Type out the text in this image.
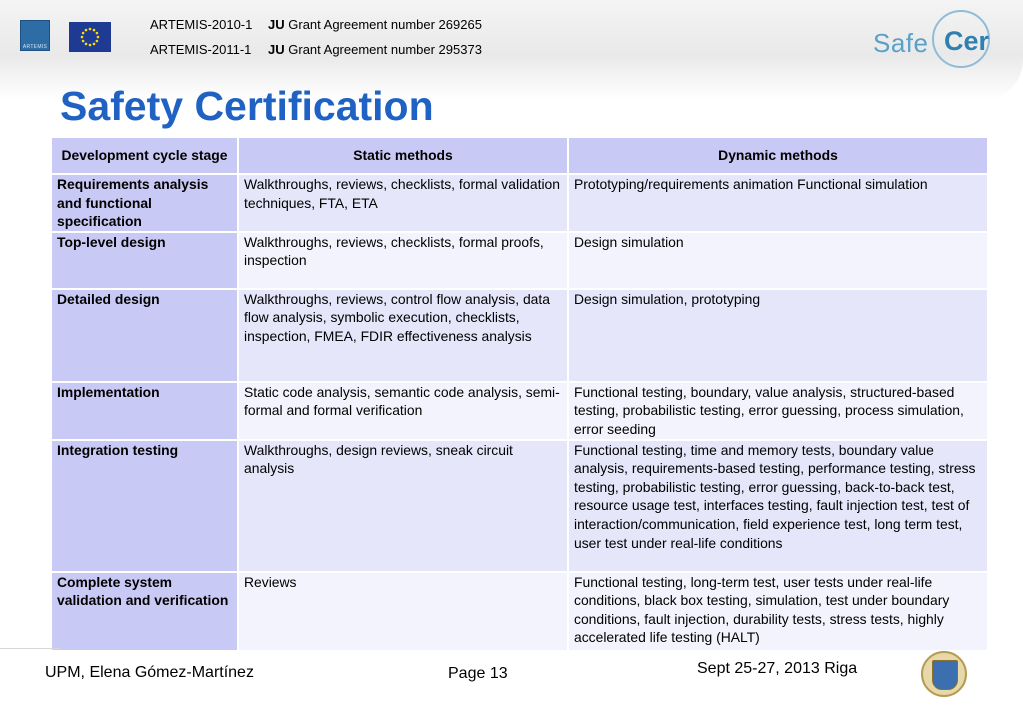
ARTEMIS
ARTEMIS-2010-1 JU Grant Agreement number 269265
ARTEMIS-2011-1 JU Grant Agreement number 295373	Safe Cer
Safety Certification
Development cycle stage	Static methods	Dynamic methods
Requirements analysis and functional specification	Walkthroughs, reviews, checklists, formal validation techniques, FTA, ETA	Prototyping/requirements animation Functional simulation
Top-level design	Walkthroughs, reviews, checklists, formal proofs, inspection	Design simulation
Detailed design	Walkthroughs, reviews, control flow analysis, data flow analysis, symbolic execution, checklists, inspection, FMEA, FDIR effectiveness analysis	Design simulation, prototyping
Implementation	Static code analysis, semantic code analysis, semi-formal and formal verification	Functional testing, boundary, value analysis, structured-based testing, probabilistic testing, error guessing, process simulation, error seeding
Integration testing	Walkthroughs, design reviews, sneak circuit analysis	Functional testing, time and memory tests, boundary value analysis, requirements-based testing, performance testing, stress testing, probabilistic testing, error guessing, back-to-back test, resource usage test, interfaces testing, fault injection test, test of interaction/communication, field experience test, long term test, user test under real-life conditions
Complete system validation and verification	Reviews	Functional testing, long-term test, user tests under real-life conditions, black box testing, simulation, test under boundary conditions, fault injection, durability tests, stress tests, highly accelerated life testing (HALT)
UPM, Elena Gómez-Martínez	Page 13	Sept 25-27, 2013 Riga
